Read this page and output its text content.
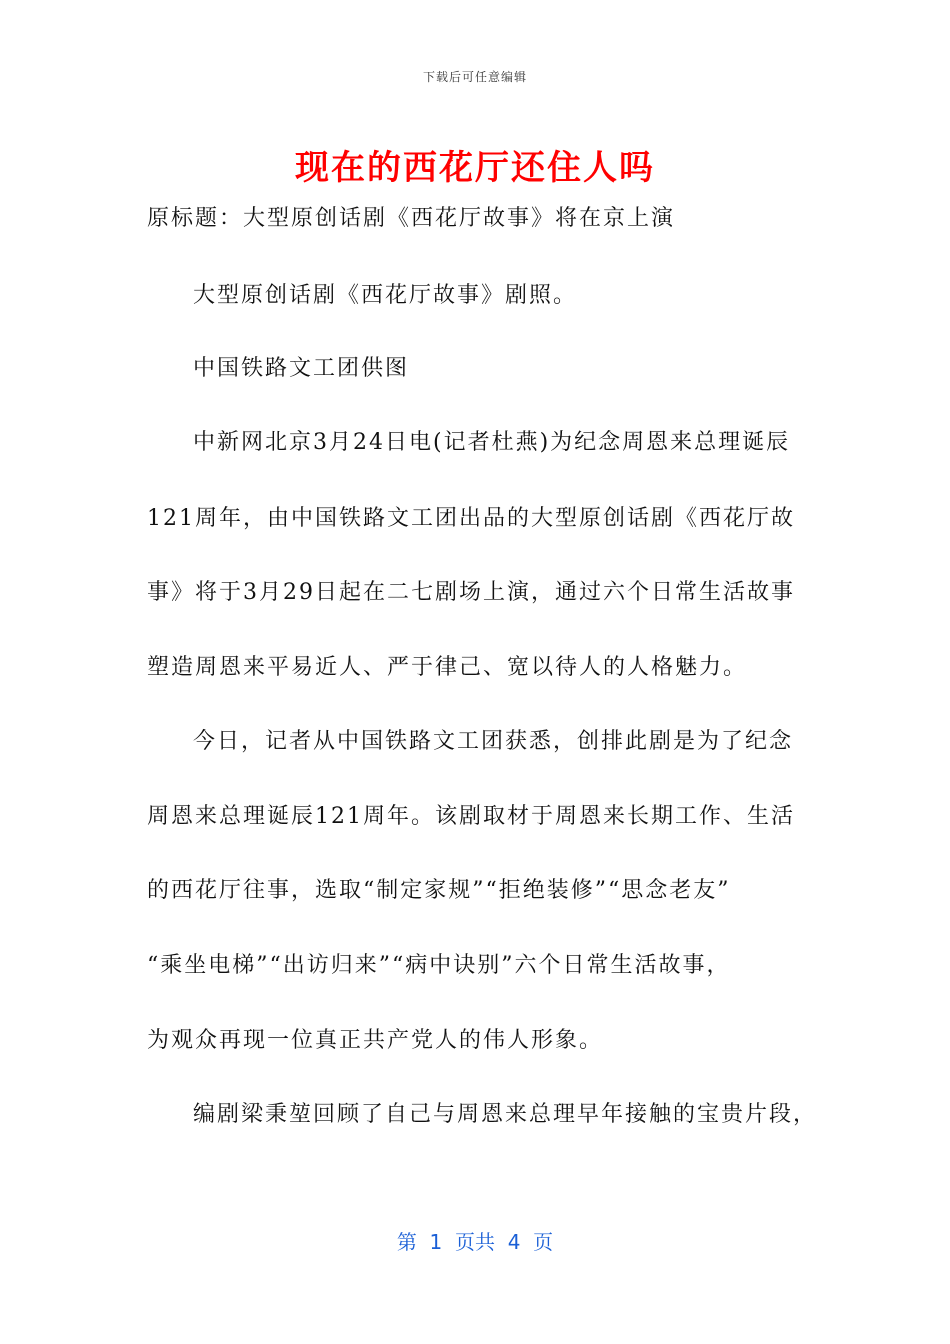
下载后可任意编辑
现在的西花厅还住人吗
原标题：大型原创话剧《西花厅故事》将在京上演
大型原创话剧《西花厅故事》剧照。
中国铁路文工团供图
中新网北京3月24日电(记者杜燕)为纪念周恩来总理诞辰
121周年，由中国铁路文工团出品的大型原创话剧《西花厅故
事》将于3月29日起在二七剧场上演，通过六个日常生活故事
塑造周恩来平易近人、严于律己、宽以待人的人格魅力。
今日，记者从中国铁路文工团获悉，创排此剧是为了纪念
周恩来总理诞辰121周年。该剧取材于周恩来长期工作、生活
的西花厅往事，选取“制定家规”“拒绝装修”“思念老友”
“乘坐电梯”“出访归来”“病中诀别”六个日常生活故事，
为观众再现一位真正共产党人的伟人形象。
编剧梁秉堃回顾了自己与周恩来总理早年接触的宝贵片段，
第  1  页共  4  页
